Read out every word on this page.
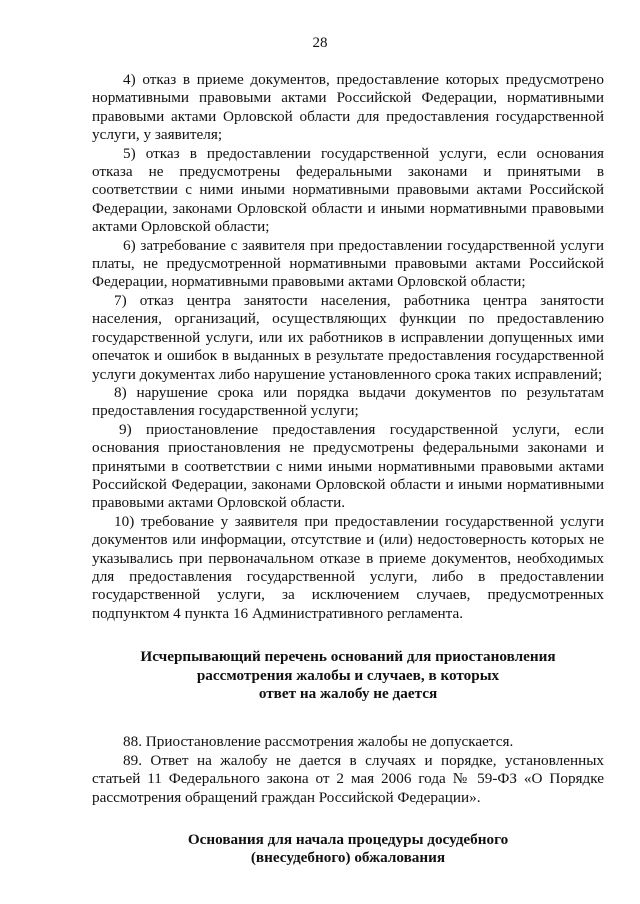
28

4) отказ в приеме документов, предоставление которых предусмотрено нормативными правовыми актами Российской Федерации, нормативными правовыми актами Орловской области для предоставления государственной услуги, у заявителя;

5) отказ в предоставлении государственной услуги, если основания отказа не предусмотрены федеральными законами и принятыми в соответствии с ними иными нормативными правовыми актами Российской Федерации, законами Орловской области и иными нормативными правовыми актами Орловской области;

6) затребование с заявителя при предоставлении государственной услуги платы, не предусмотренной нормативными правовыми актами Российской Федерации, нормативными правовыми актами Орловской области;

7) отказ центра занятости населения, работника центра занятости населения, организаций, осуществляющих функции по предоставлению государственной услуги, или их работников в исправлении допущенных ими опечаток и ошибок в выданных в результате предоставления государственной услуги документах либо нарушение установленного срока таких исправлений;

8) нарушение срока или порядка выдачи документов по результатам предоставления государственной услуги;

9) приостановление предоставления государственной услуги, если основания приостановления не предусмотрены федеральными законами и принятыми в соответствии с ними иными нормативными правовыми актами Российской Федерации, законами Орловской области и иными нормативными правовыми актами Орловской области.

10) требование у заявителя при предоставлении государственной услуги документов или информации, отсутствие и (или) недостоверность которых не указывались при первоначальном отказе в приеме документов, необходимых для предоставления государственной услуги, либо в предоставлении государственной услуги, за исключением случаев, предусмотренных подпунктом 4 пункта 16 Административного регламента.

Исчерпывающий перечень оснований для приостановления
рассмотрения жалобы и случаев, в которых
ответ на жалобу не дается

88. Приостановление рассмотрения жалобы не допускается.

89. Ответ на жалобу не дается в случаях и порядке, установленных статьей 11 Федерального закона от 2 мая 2006 года № 59-ФЗ «О Порядке рассмотрения обращений граждан Российской Федерации».

Основания для начала процедуры досудебного
(внесудебного) обжалования
